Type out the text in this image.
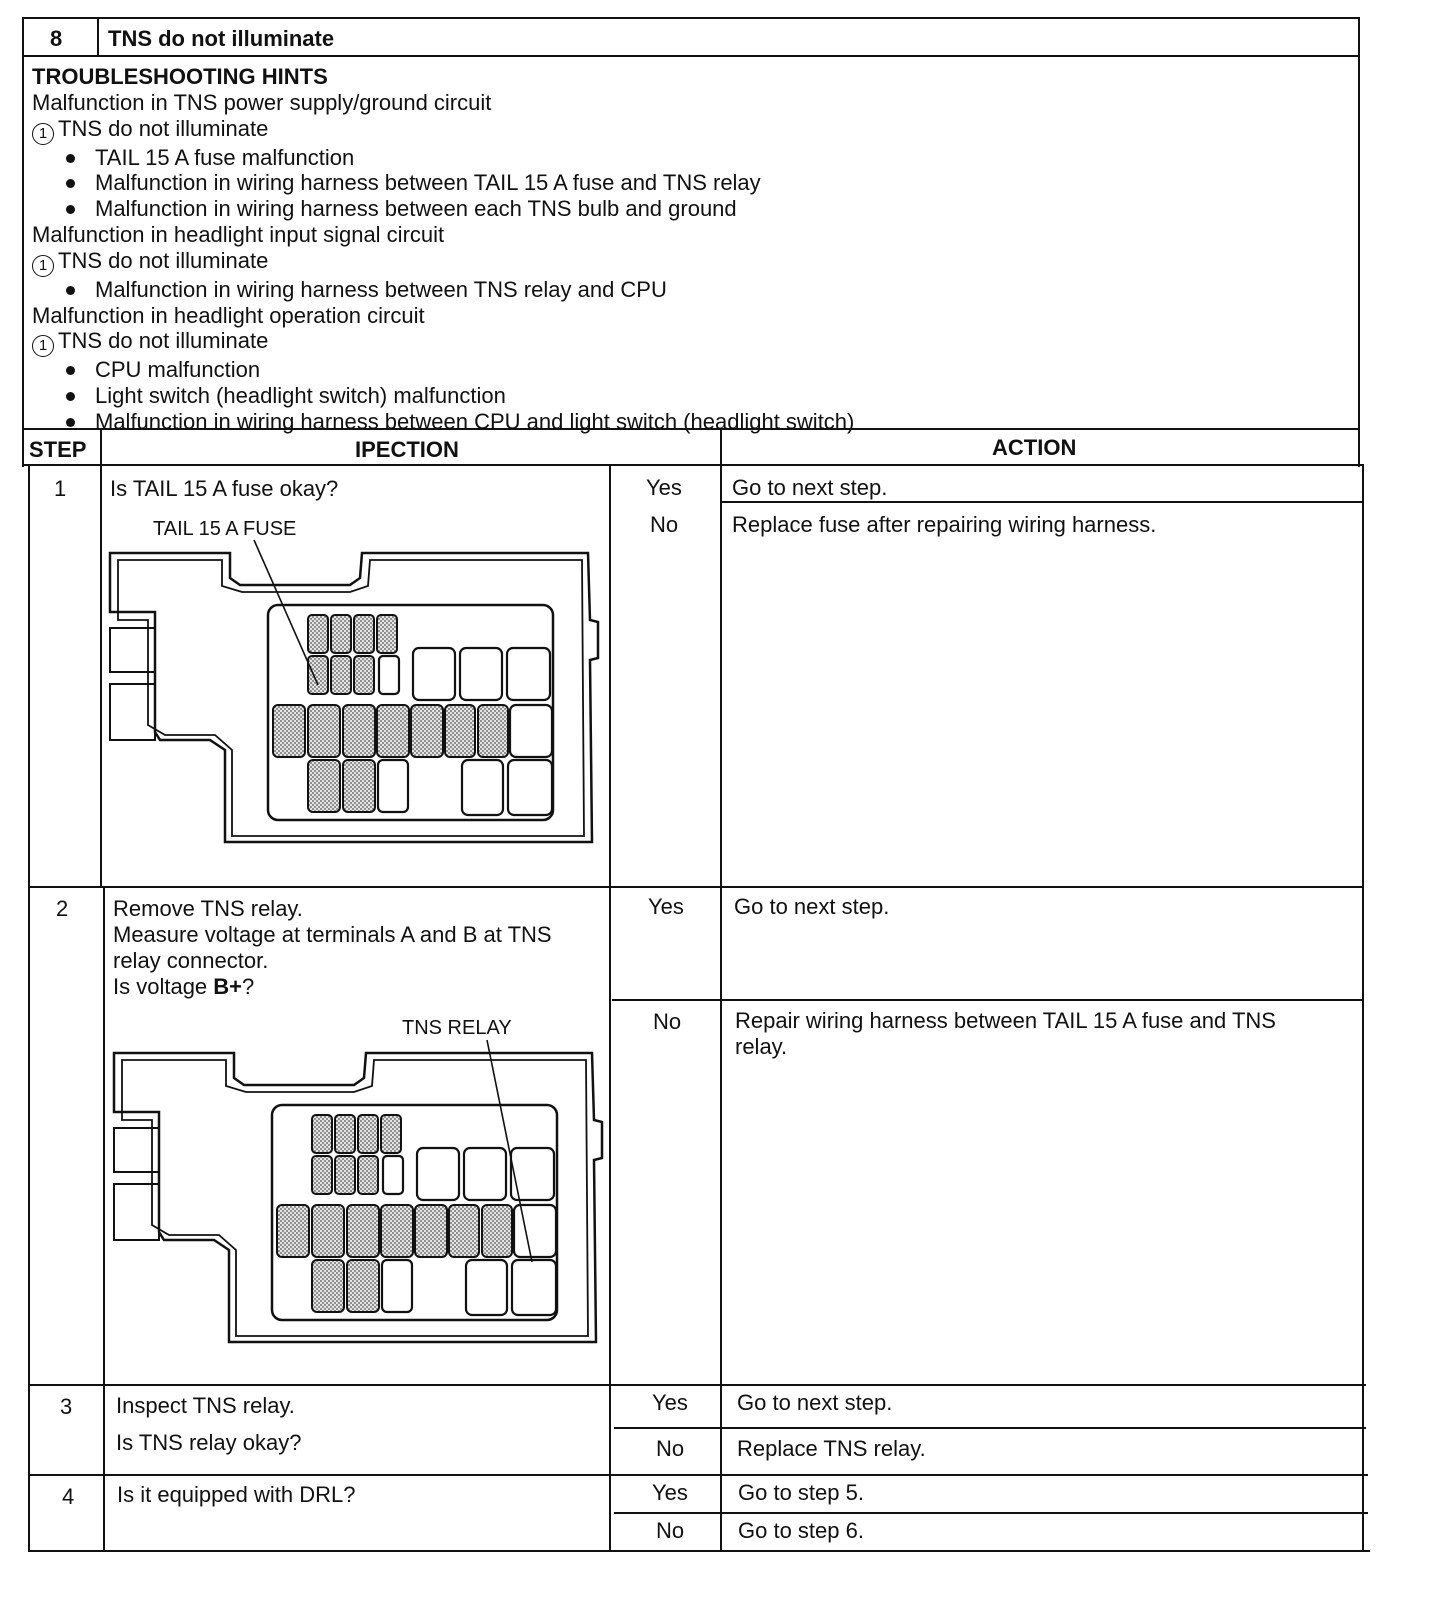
8 TNS do not illuminate
TROUBLESHOOTING HINTS
Malfunction in TNS power supply/ground circuit
1 TNS do not illuminate
TAIL 15 A fuse malfunction
Malfunction in wiring harness between TAIL 15 A fuse and TNS relay
Malfunction in wiring harness between each TNS bulb and ground
Malfunction in headlight input signal circuit
1 TNS do not illuminate
Malfunction in wiring harness between TNS relay and CPU
Malfunction in headlight operation circuit
1 TNS do not illuminate
CPU malfunction
Light switch (headlight switch) malfunction
Malfunction in wiring harness between CPU and light switch (headlight switch)
STEP	IPECTION	ACTION
1 Is TAIL 15 A fuse okay?
TAIL 15 A FUSE
Yes Go to next step.
No Replace fuse after repairing wiring harness.
2 Remove TNS relay.
Measure voltage at terminals A and B at TNS
relay connector.
Is voltage B+?
TNS RELAY
Yes Go to next step.
No Repair wiring harness between TAIL 15 A fuse and TNS
relay.
3 Inspect TNS relay.
Is TNS relay okay?
Yes Go to next step.
No Replace TNS relay.
4 Is it equipped with DRL?	Yes Go to step 5.
No Go to step 6.
